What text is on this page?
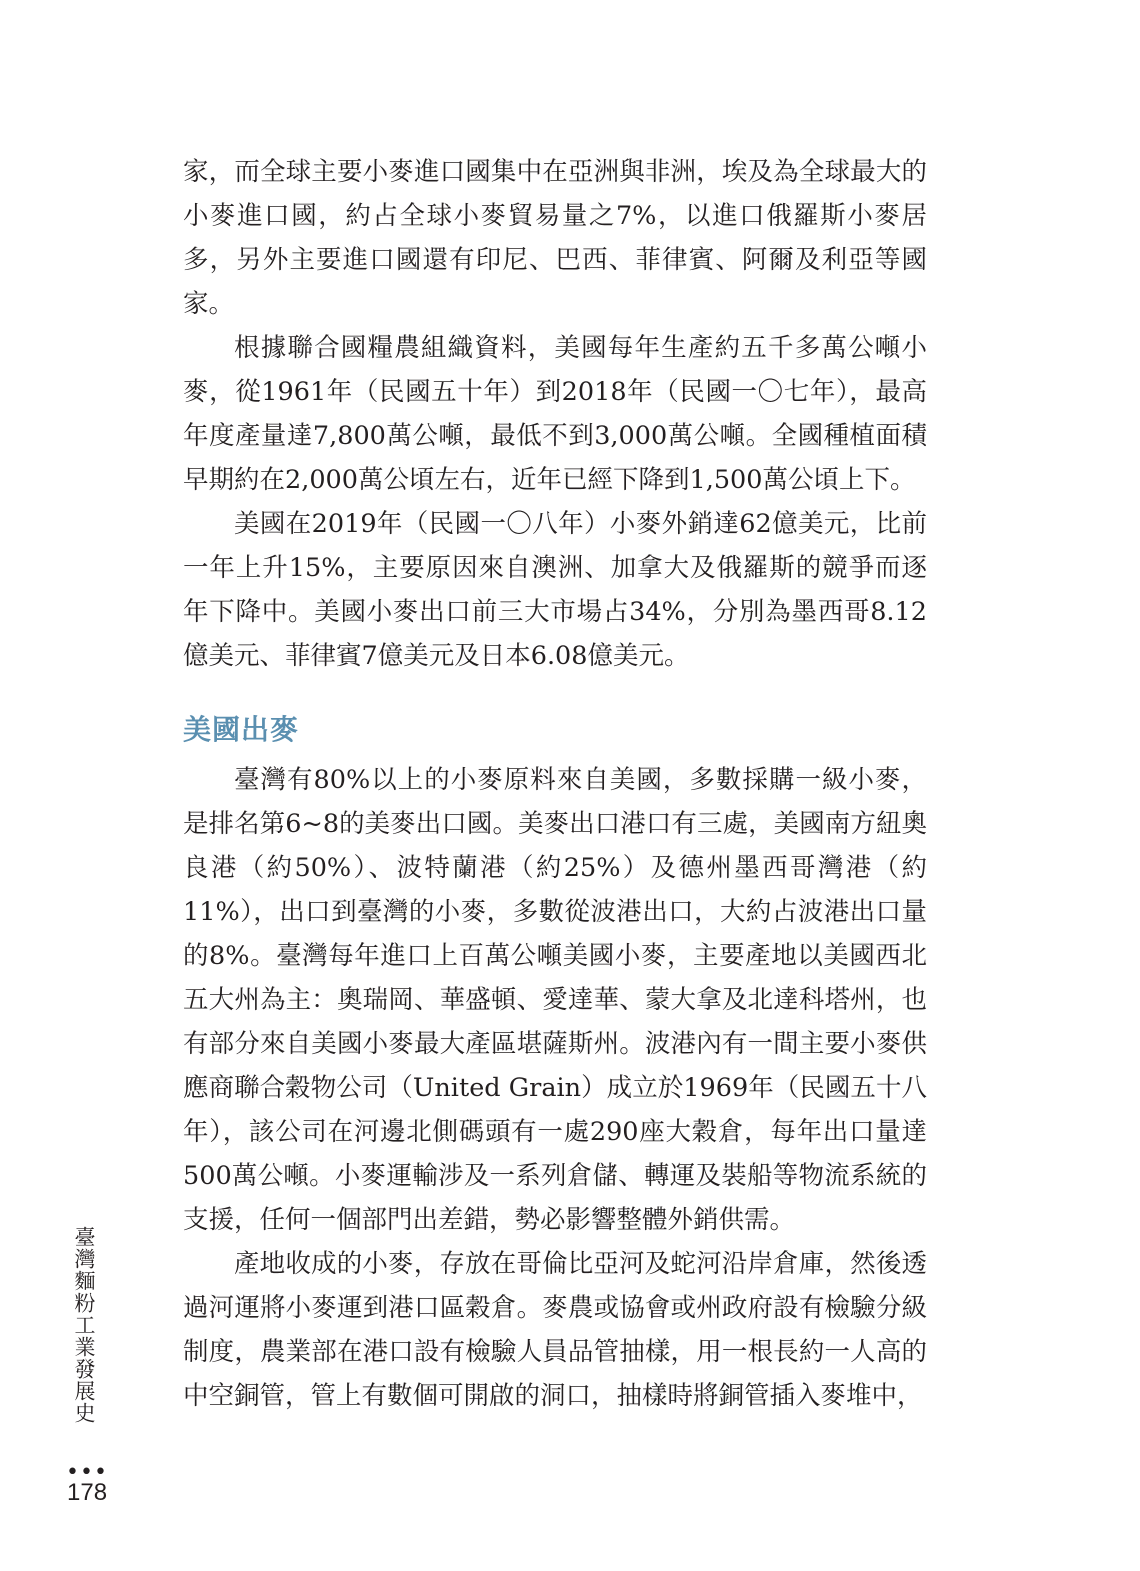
家，而全球主要小麥進口國集中在亞洲與非洲，埃及為全球最大的小麥進口國，約占全球小麥貿易量之7%，以進口俄羅斯小麥居多，另外主要進口國還有印尼、巴西、菲律賓、阿爾及利亞等國家。

根據聯合國糧農組織資料，美國每年生產約五千多萬公噸小麥，從1961年（民國五十年）到2018年（民國一〇七年），最高年度產量達7,800萬公噸，最低不到3,000萬公噸。全國種植面積早期約在2,000萬公頃左右，近年已經下降到1,500萬公頃上下。

美國在2019年（民國一〇八年）小麥外銷達62億美元，比前一年上升15%，主要原因來自澳洲、加拿大及俄羅斯的競爭而逐年下降中。美國小麥出口前三大市場占34%，分別為墨西哥8.12億美元、菲律賓7億美元及日本6.08億美元。

美國出麥

臺灣有80%以上的小麥原料來自美國，多數採購一級小麥，是排名第6~8的美麥出口國。美麥出口港口有三處，美國南方紐奧良港（約50%）、波特蘭港（約25%）及德州墨西哥灣港（約11%），出口到臺灣的小麥，多數從波港出口，大約占波港出口量的8%。臺灣每年進口上百萬公噸美國小麥，主要產地以美國西北五大州為主：奧瑞岡、華盛頓、愛達華、蒙大拿及北達科塔州，也有部分來自美國小麥最大產區堪薩斯州。波港內有一間主要小麥供應商聯合穀物公司（United Grain）成立於1969年（民國五十八年），該公司在河邊北側碼頭有一處290座大穀倉，每年出口量達500萬公噸。小麥運輸涉及一系列倉儲、轉運及裝船等物流系統的支援，任何一個部門出差錯，勢必影響整體外銷供需。

產地收成的小麥，存放在哥倫比亞河及蛇河沿岸倉庫，然後透過河運將小麥運到港口區穀倉。麥農或協會或州政府設有檢驗分級制度，農業部在港口設有檢驗人員品管抽樣，用一根長約一人高的中空銅管，管上有數個可開啟的洞口，抽樣時將銅管插入麥堆中，

臺灣麵粉工業發展史
•••
178
